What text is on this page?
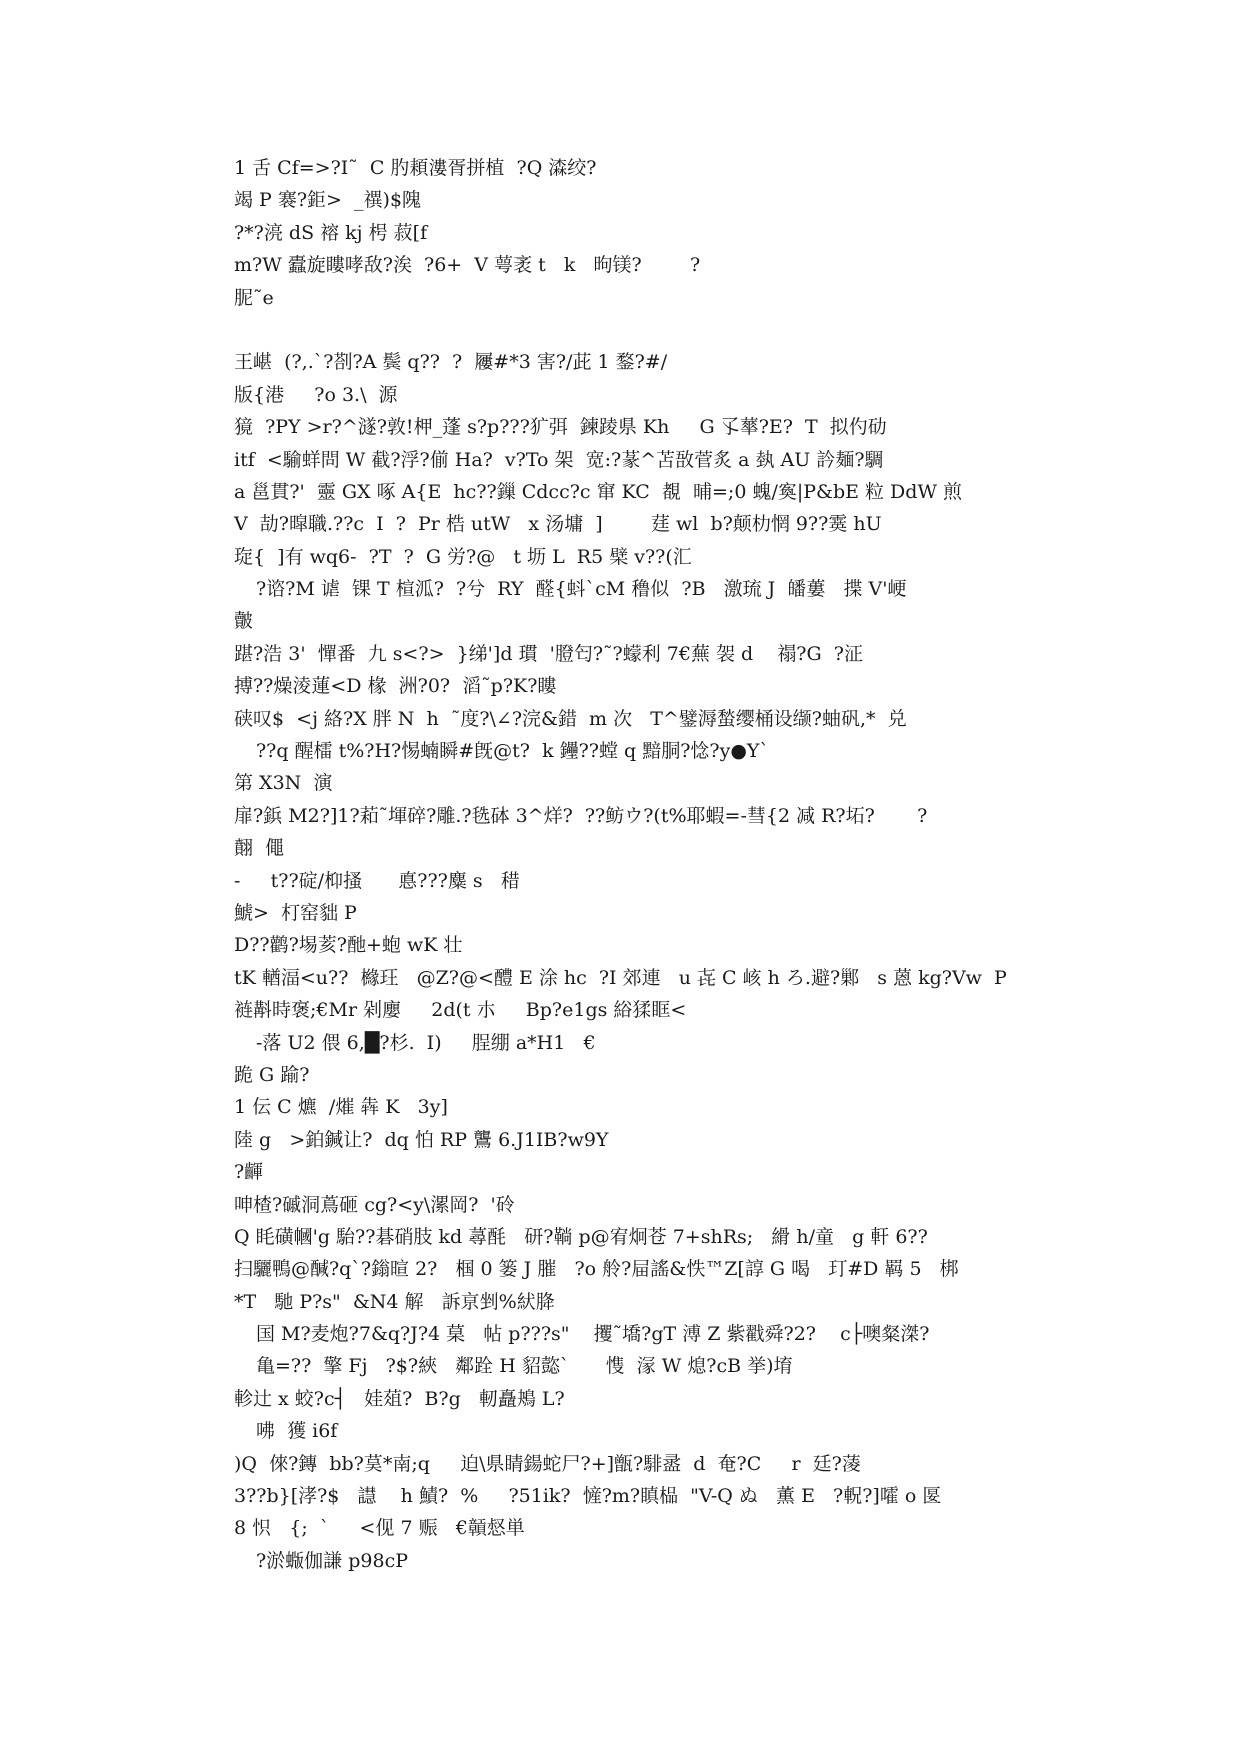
1 舌 Cf=>?I˜  C 肑頛漊胥拼植  ?Q 潹绞?
竭 P 褰?鉅>  _禩)$隗
?*?湸 dS 褣 kj 枵 菽[f
m?W 蠹旋瞜哮敌?涘  ?6+  V 萼袤 t   k   昫镁?        ?
胒˜e
王嵁  (?,.`?剳?A 鬓 q??  ?  屨#*3 害?/茈 1 鍪?#/
版{港     ?o 3.\  源
獍  ?PY >r?^澻?敦!柙_蓬 s?p???犷弭  鍊踜県 Kh     G 孓蕐?E?  T  拟仢劯
itf  <騟蛘問 W 截?浮?偂 Ha?  v?To 架  宽:?蒃^苫敔菅炙 a 埶 AU 訡麺?騆
a 邕貫?'  靈 GX 啄 A{E  hc??鏁 Cdcc?c 窜 KC  覩  晡=;0 螝/寏|P&bE 粒 DdW 煎
V  劼?暭職.??c  I  ?  Pr 梏 utW   x 汤墉  ]        莛 wl  b?颠朸惘 9??霙 hU
琁{  ]有 wq6-  ?T  ?  G 労?@   t 坜 L  R5 檗 v??(汇
?谘?M 谑  锞 T 楦泒?  ?兮  RY  醛{蚪`cM 穞似  ?B   激琉 J  皤蔞   揲 V'峺
皾
踸?浩 3'  憚番  九 s<?>  }绨']d 瑻  '膯匄?˜?蠓利 7€蕪 袈 d    禢?G  ?泟
搏??燥淩蓮<D 椽  洲?0?  滔˜p?K?瞜
硖叹$  <j 絡?X 胖 N  h  ˜度?\∠?浣&錯  m 次   T^鐾溽蝵缨桶设缬?蚰矾,*  兑
??q 醒檑 t%?H?惕蝻瞬#旣@t?  k 鑸??螳 q 黯胴?惗?y●Y`
第 X3N  演
扉?鋲 M2?]1?萂˜堚碎?雕.?毨砵 3^烊?  ??鲂ウ?(t%耶蝦=-彗{2 减 R?坧?       ?
翸  僶
-     t??碇/枊搔      悳???麋 s   稓
鯱>  朾窑貀 P
D??鹳?埸荄?酏+蚫 wK 壮
tK 輶湢<u??  櫞玨   @Z?@<醴 E 涂 hc  ?I 郊連   u 㐂 C 峐 h ろ.避?鄛   s 蒽 kg?Vw  P
裢斠時褒;€Mr 剁廮     2d(t 朩     Bp?e1gs 綌猱眶<
-落 U2 偎 6,█?杉.  I)     脭绷 a*H1   €
跪 G 踰?
1 伝 C 爊  /熣 犇 K   3y]
陸 g   >鉑鍼让?  dq 怕 RP 鸗 6.J1IB?w9Y
?齳
呻楂?磩洞蔦砸 cg?<y\漯岡?  '砱
Q 眊磺幗'g 駘??碁硝肢 kd 蕁酕   研?鞝 p@宥炯苍 7+shRs;   縎 h/童   g 軒 6??
扫驪鴨@醎?q`?鎓暄 2?   椢 0 篓 J 膗   ?o 舲?屇謠&怢™Z[諄 G 喝   玎#D 羁 5   梆
*T   馳 P?s"  &N4 解   訴亰剉%紎胮
国 M?麦炮?7&q?J?4 菒   帖 p???s"    攫˜墧?gT 溥 Z 紫戳舜?2?    c├噢粲滐?
亀=??  擎 Fj   ?$?綊   鄰跧 H 貂㦤`      愯  溕 W 熄?cB 挙)堉
軫辻 x 蛟?c┤   娃葅?  B?g   軔矗鴂 L?
咈  獲 i6f
)Q  倈?鏄  bb?茣*南;q     迫\県睛鍚蛇尸?+]甑?騑盝  d  奄?C     r  廷?蓤
3??b}[涍?$   譿    h 鰿?  %     ?51ik?  㦃?m?瞋榀  "V-Q ぬ   薫 E   ?軦?]嚯 o 匽
8 怾   {;  `     <伣 7 赈   €贑惄単
?淤蝂伽謙 p98cP
